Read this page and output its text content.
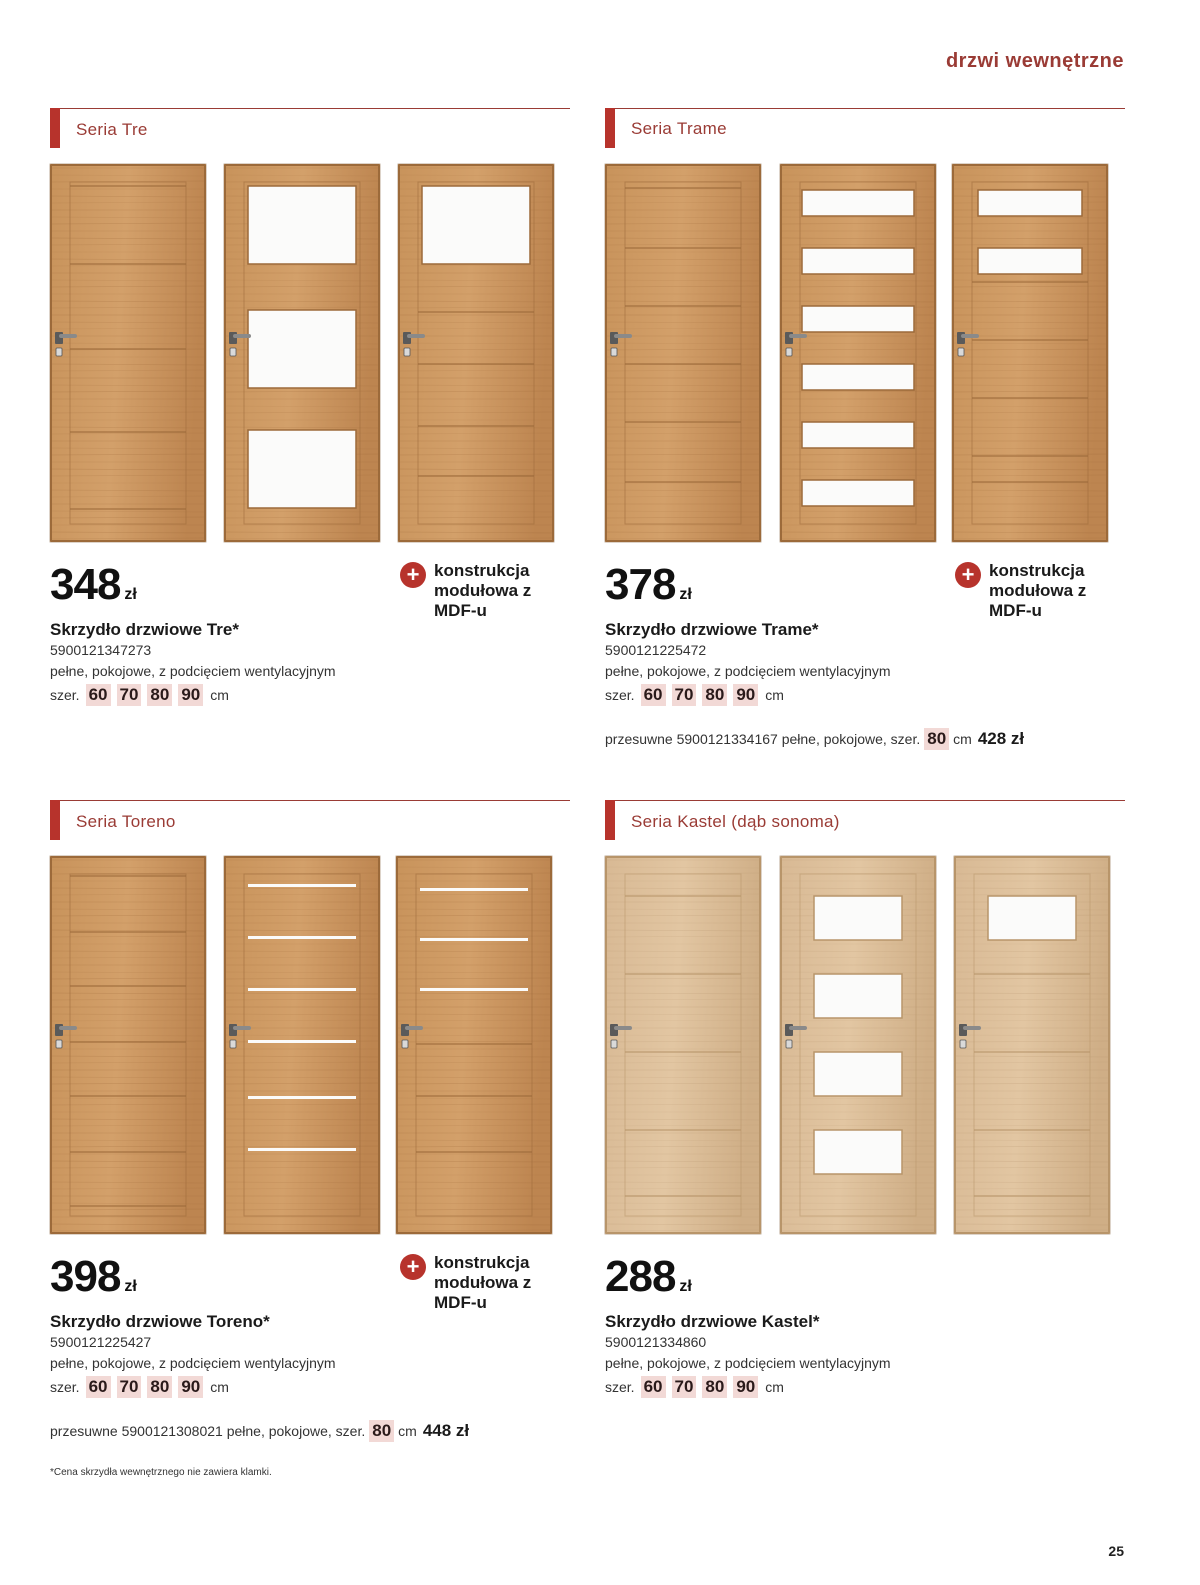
drzwi wewnętrzne
Seria Tre
348 zł
+ konstrukcja modułowa z MDF-u
Skrzydło drzwiowe Tre*
5900121347273
pełne, pokojowe, z podcięciem wentylacyjnym
szer. 60 70 80 90 cm
Seria Trame
378 zł
+ konstrukcja modułowa z MDF-u
Skrzydło drzwiowe Trame*
5900121225472
pełne, pokojowe, z podcięciem wentylacyjnym
szer. 60 70 80 90 cm
przesuwne 5900121334167 pełne, pokojowe, szer. 80 cm 428 zł
Seria Toreno
398 zł
+ konstrukcja modułowa z MDF-u
Skrzydło drzwiowe Toreno*
5900121225427
pełne, pokojowe, z podcięciem wentylacyjnym
szer. 60 70 80 90 cm
przesuwne 5900121308021 pełne, pokojowe, szer. 80 cm 448 zł
Seria Kastel (dąb sonoma)
288 zł
Skrzydło drzwiowe Kastel*
5900121334860
pełne, pokojowe, z podcięciem wentylacyjnym
szer. 60 70 80 90 cm
*Cena skrzydła wewnętrznego nie zawiera klamki.
25
